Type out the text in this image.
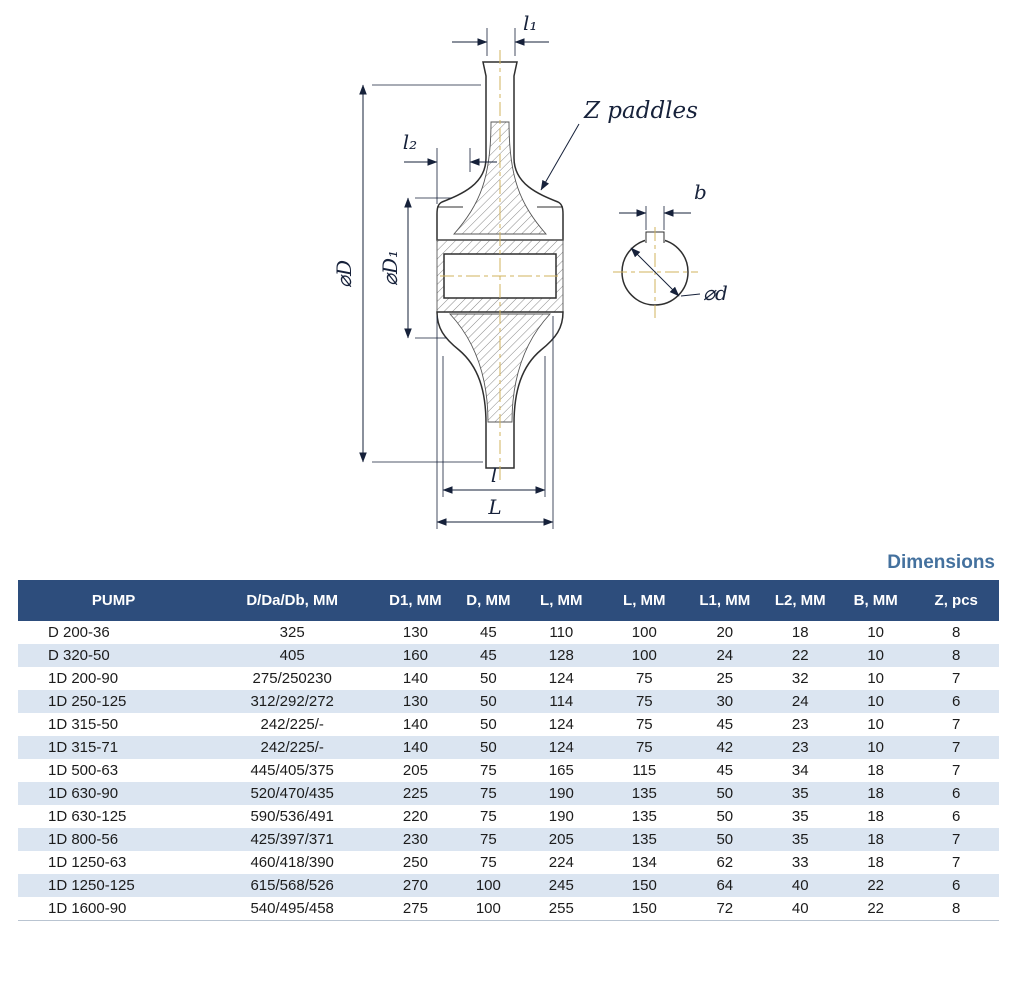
l₁
l₂
Z paddles
⌀D ⌀D₁
b
⌀d
l
L
Dimensions
PUMP	D/Da/Db, MM	D1, MM	D, MM	L, MM	L, MM	L1, MM	L2, MM	B, MM	Z, pcs
D 200-36	325	130	45	110	100	20	18	10	8
D 320-50	405	160	45	128	100	24	22	10	8
1D 200-90	275/250230	140	50	124	75	25	32	10	7
1D 250-125	312/292/272	130	50	114	75	30	24	10	6
1D 315-50	242/225/-	140	50	124	75	45	23	10	7
1D 315-71	242/225/-	140	50	124	75	42	23	10	7
1D 500-63	445/405/375	205	75	165	115	45	34	18	7
1D 630-90	520/470/435	225	75	190	135	50	35	18	6
1D 630-125	590/536/491	220	75	190	135	50	35	18	6
1D 800-56	425/397/371	230	75	205	135	50	35	18	7
1D 1250-63	460/418/390	250	75	224	134	62	33	18	7
1D 1250-125	615/568/526	270	100	245	150	64	40	22	6
1D 1600-90	540/495/458	275	100	255	150	72	40	22	8
